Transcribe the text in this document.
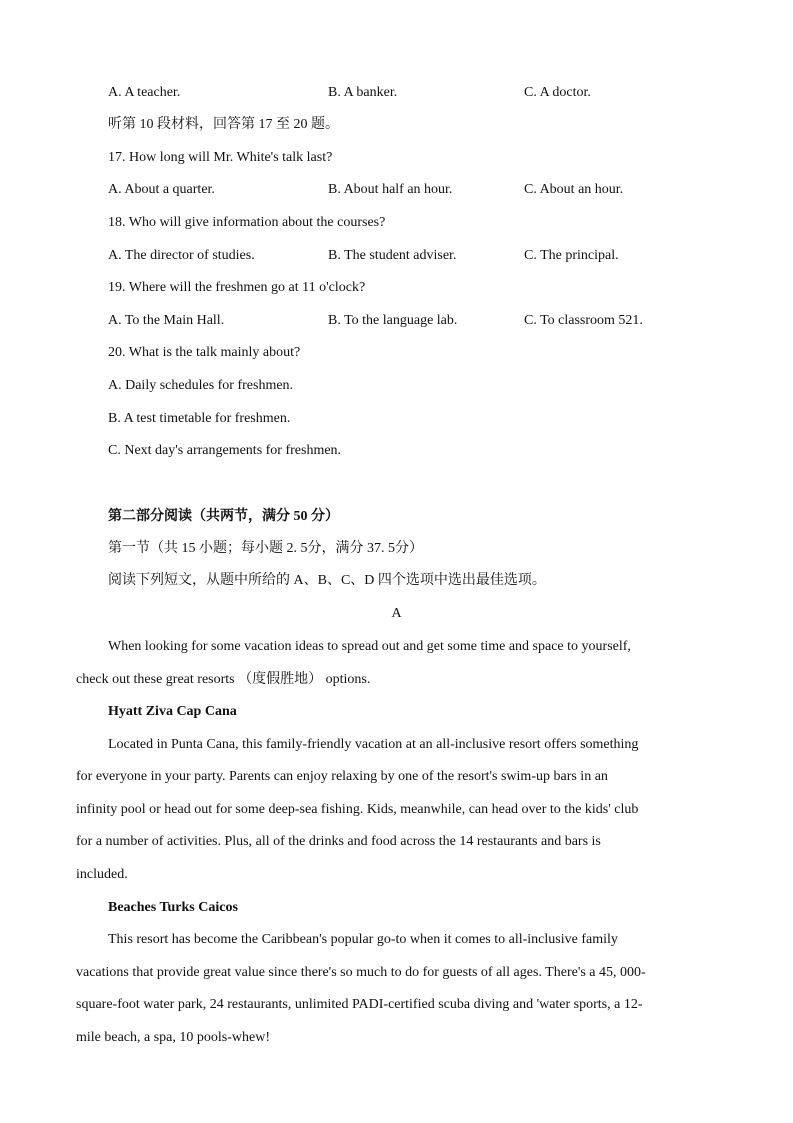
A. A teacher.	B. A banker.	C. A doctor.
听第 10 段材料，回答第 17 至 20 题。
17. How long will Mr. White's talk last?
A. About a quarter.	B. About half an hour.	C. About an hour.
18. Who will give information about the courses?
A. The director of studies.	B. The student adviser.	C. The principal.
19. Where will the freshmen go at 11 o'clock?
A. To the Main Hall.	B. To the language lab.	C. To classroom 521.
20. What is the talk mainly about?
A. Daily schedules for freshmen.
B. A test timetable for freshmen.
C. Next day's arrangements for freshmen.
第二部分阅读（共两节，满分 50 分）
第一节（共 15 小题；每小题 2. 5分，满分 37. 5分）
阅读下列短文，从题中所给的 A、B、C、D 四个选项中选出最佳选项。
A
When looking for some vacation ideas to spread out and get some time and space to yourself,
check out these great resorts （度假胜地） options.
Hyatt Ziva Cap Cana
Located in Punta Cana, this family-friendly vacation at an all-inclusive resort offers something
for everyone in your party. Parents can enjoy relaxing by one of the resort's swim-up bars in an
infinity pool or head out for some deep-sea fishing. Kids, meanwhile, can head over to the kids' club
for a number of activities. Plus, all of the drinks and food across the 14 restaurants and bars is
included.
Beaches Turks Caicos
This resort has become the Caribbean's popular go-to when it comes to all-inclusive family
vacations that provide great value since there's so much to do for guests of all ages. There's a 45, 000-
square-foot water park, 24 restaurants, unlimited PADI-certified scuba diving and 'water sports, a 12-
mile beach, a spa, 10 pools-whew!
